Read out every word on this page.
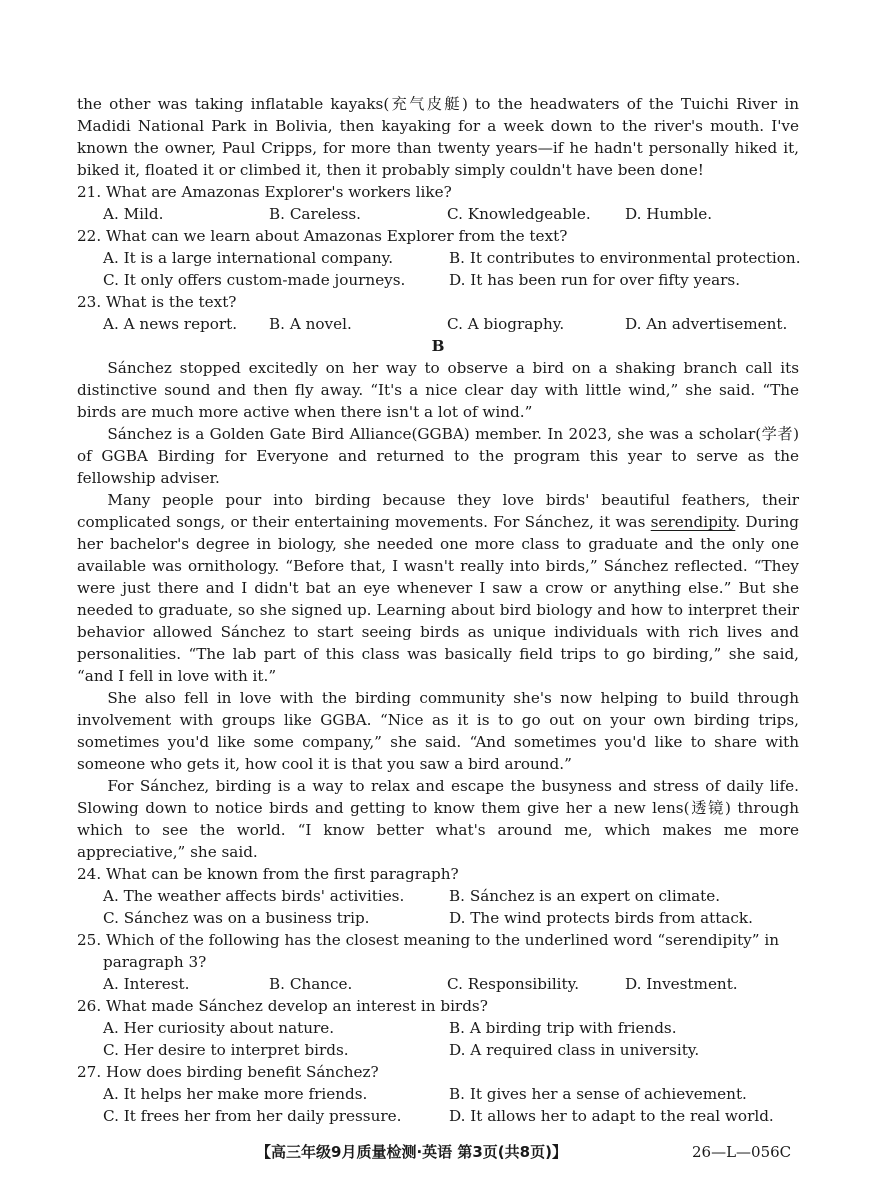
the other was taking inflatable kayaks(充气皮艇) to the headwaters of the Tuichi River in Madidi National Park in Bolivia, then kayaking for a week down to the river's mouth. I've known the owner, Paul Cripps, for more than twenty years—if he hadn't personally hiked it, biked it, floated it or climbed it, then it probably simply couldn't have been done!

21. What are Amazonas Explorer's workers like?
A. Mild.	B. Careless.	C. Knowledgeable.	D. Humble.
22. What can we learn about Amazonas Explorer from the text?
A. It is a large international company.	B. It contributes to environmental protection.
C. It only offers custom-made journeys.	D. It has been run for over fifty years.
23. What is the text?
A. A news report.	B. A novel.	C. A biography.	D. An advertisement.
B

Sánchez stopped excitedly on her way to observe a bird on a shaking branch call its distinctive sound and then fly away. “It's a nice clear day with little wind,” she said. “The birds are much more active when there isn't a lot of wind.”

Sánchez is a Golden Gate Bird Alliance(GGBA) member. In 2023, she was a scholar(学者) of GGBA Birding for Everyone and returned to the program this year to serve as the fellowship adviser.

Many people pour into birding because they love birds' beautiful feathers, their complicated songs, or their entertaining movements. For Sánchez, it was serendipity. During her bachelor's degree in biology, she needed one more class to graduate and the only one available was ornithology. “Before that, I wasn't really into birds,” Sánchez reflected. “They were just there and I didn't bat an eye whenever I saw a crow or anything else.” But she needed to graduate, so she signed up. Learning about bird biology and how to interpret their behavior allowed Sánchez to start seeing birds as unique individuals with rich lives and personalities. “The lab part of this class was basically field trips to go birding,” she said, “and I fell in love with it.”

She also fell in love with the birding community she's now helping to build through involvement with groups like GGBA. “Nice as it is to go out on your own birding trips, sometimes you'd like some company,” she said. “And sometimes you'd like to share with someone who gets it, how cool it is that you saw a bird around.”

For Sánchez, birding is a way to relax and escape the busyness and stress of daily life. Slowing down to notice birds and getting to know them give her a new lens(透镜) through which to see the world. “I know better what's around me, which makes me more appreciative,” she said.

24. What can be known from the first paragraph?
A. The weather affects birds' activities.	B. Sánchez is an expert on climate.
C. Sánchez was on a business trip.	D. The wind protects birds from attack.
25. Which of the following has the closest meaning to the underlined word “serendipity” in paragraph 3?
A. Interest.	B. Chance.	C. Responsibility.	D. Investment.
26. What made Sánchez develop an interest in birds?
A. Her curiosity about nature.	B. A birding trip with friends.
C. Her desire to interpret birds.	D. A required class in university.
27. How does birding benefit Sánchez?
A. It helps her make more friends.	B. It gives her a sense of achievement.
C. It frees her from her daily pressure.	D. It allows her to adapt to the real world.
【高三年级9月质量检测·英语 第3页(共8页)】	26—L—056C
